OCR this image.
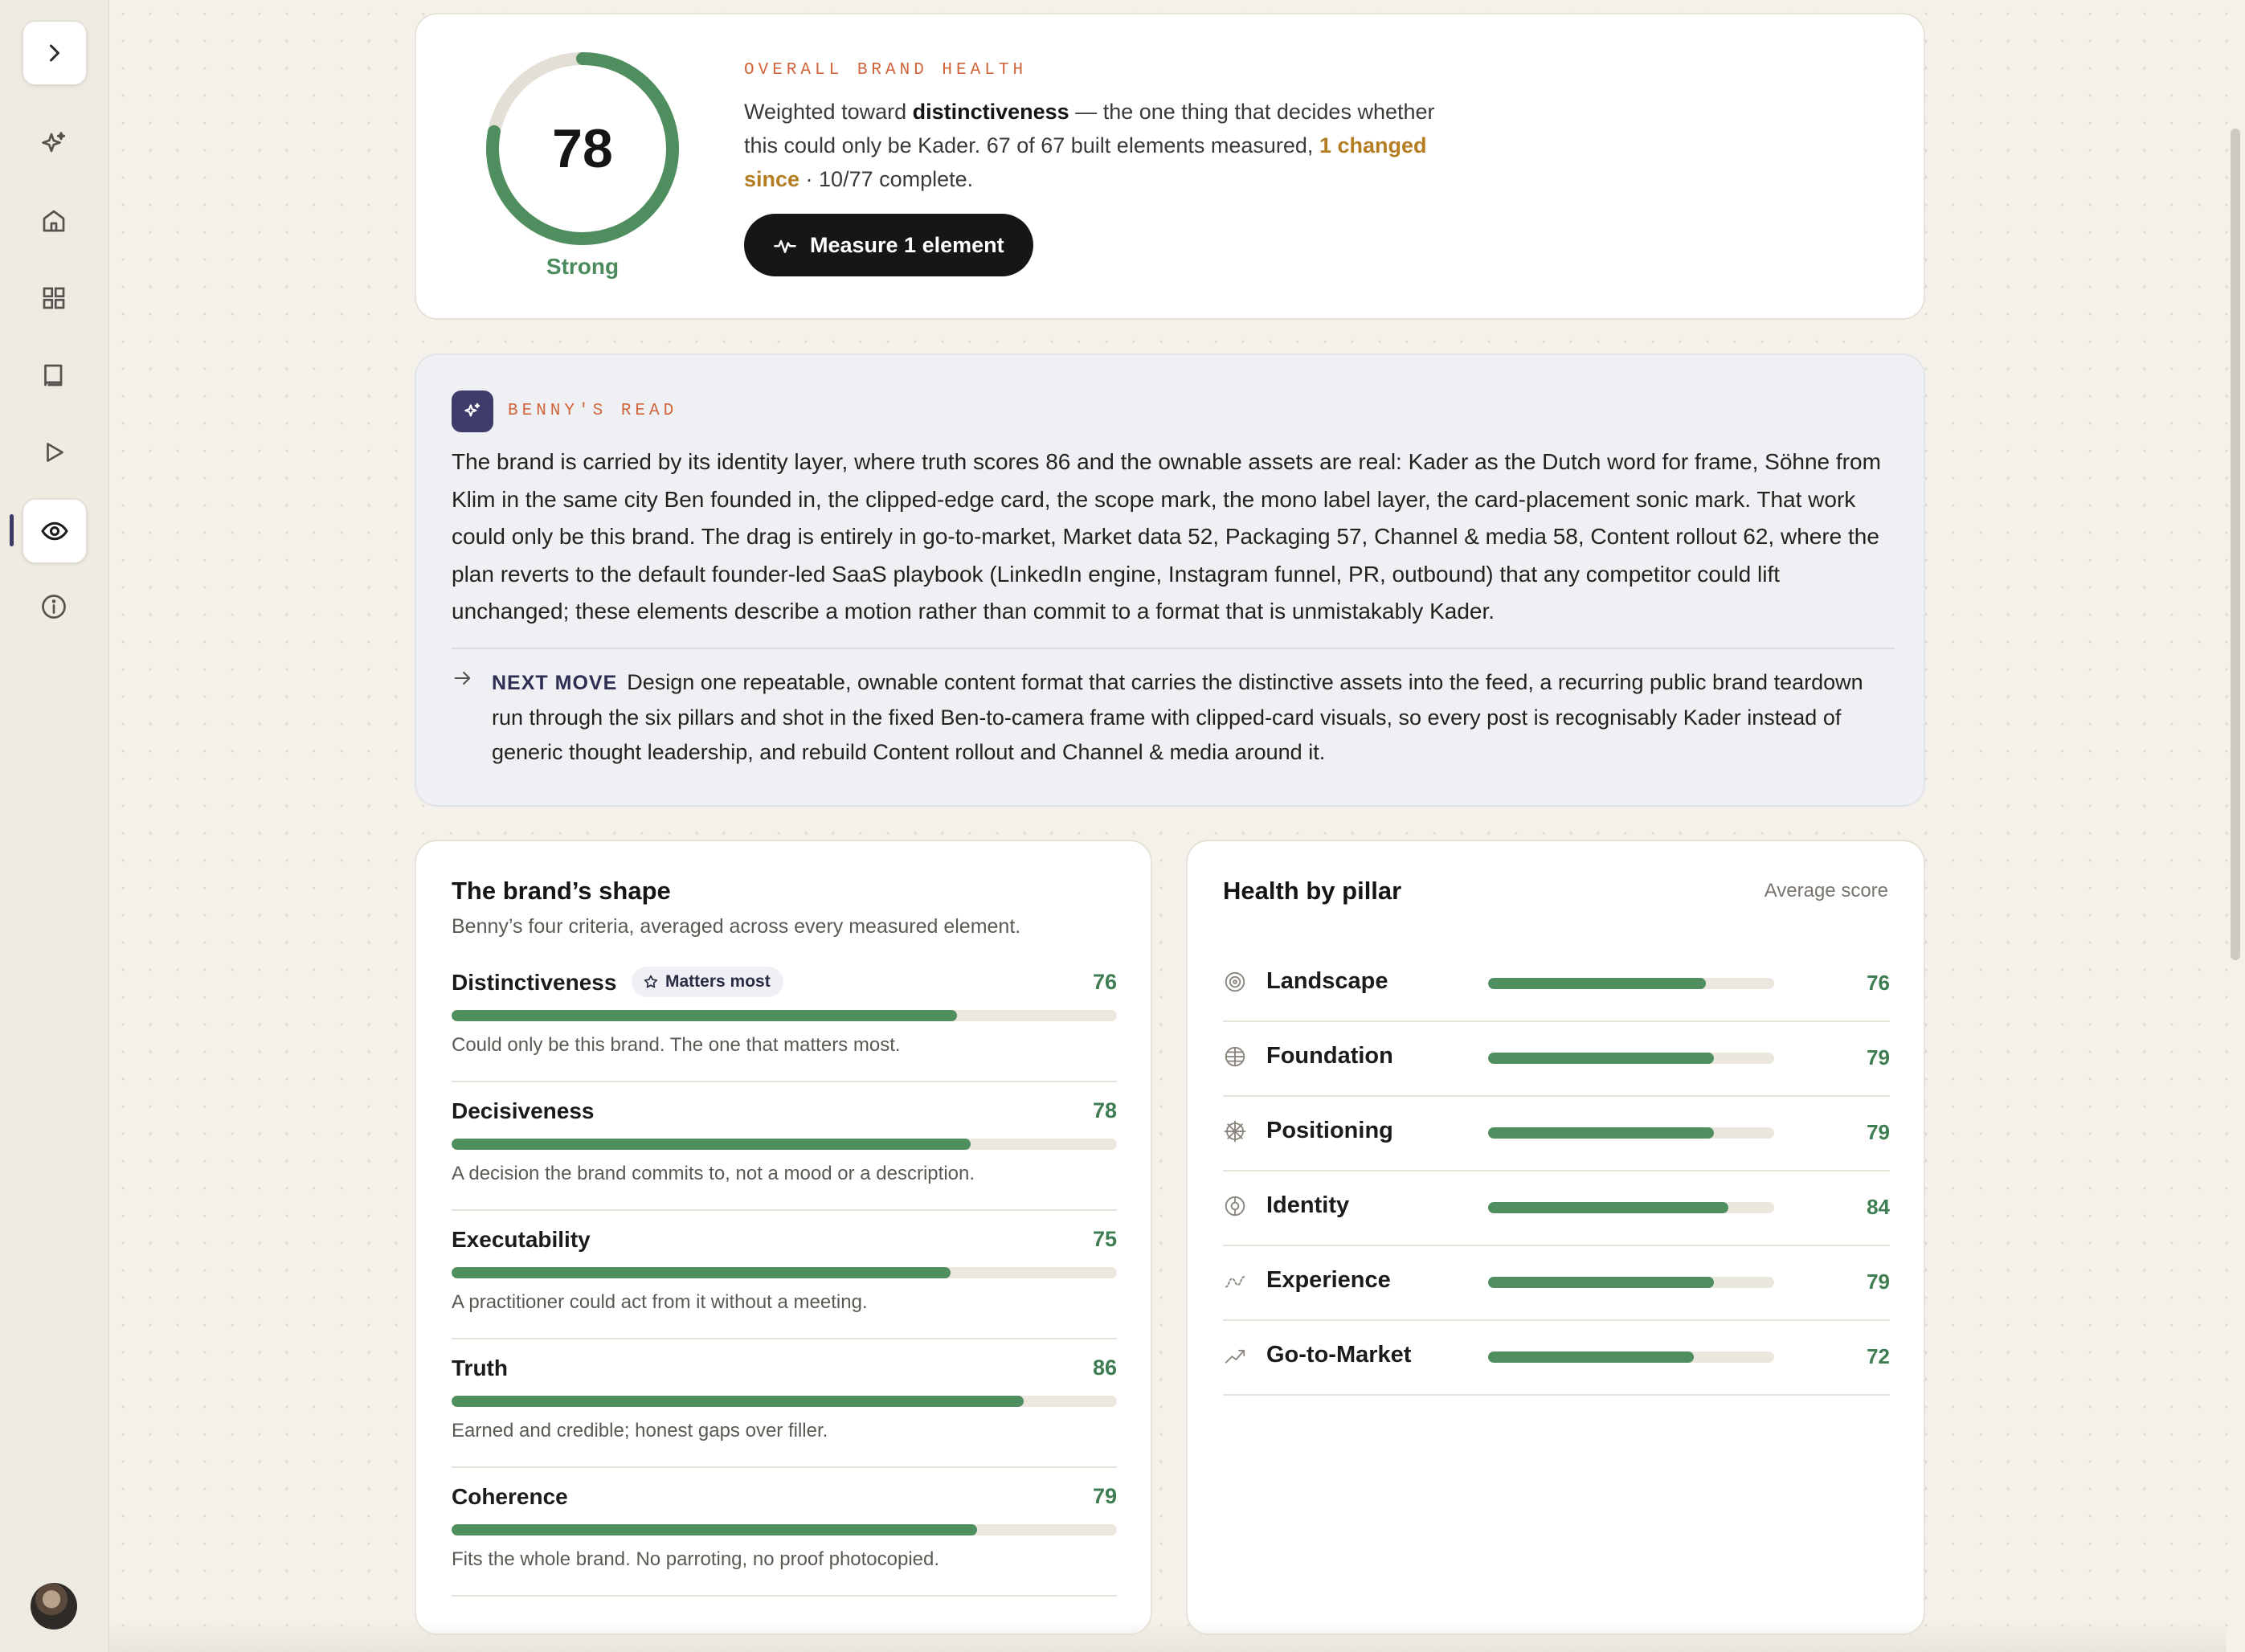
78
Strong
OVERALL BRAND HEALTH
Weighted toward distinctiveness — the one thing that decides whether this could only be Kader. 67 of 67 built elements measured, 1 changed since · 10/77 complete.
Measure 1 element
BENNY'S READ
The brand is carried by its identity layer, where truth scores 86 and the ownable assets are real: Kader as the Dutch word for frame, Söhne from Klim in the same city Ben founded in, the clipped-edge card, the scope mark, the mono label layer, the card-placement sonic mark. That work could only be this brand. The drag is entirely in go-to-market, Market data 52, Packaging 57, Channel & media 58, Content rollout 62, where the plan reverts to the default founder-led SaaS playbook (LinkedIn engine, Instagram funnel, PR, outbound) that any competitor could lift unchanged; these elements describe a motion rather than commit to a format that is unmistakably Kader.
NEXT MOVE Design one repeatable, ownable content format that carries the distinctive assets into the feed, a recurring public brand teardown run through the six pillars and shot in the fixed Ben-to-camera frame with clipped-card visuals, so every post is recognisably Kader instead of generic thought leadership, and rebuild Content rollout and Channel & media around it.
The brand’s shape
Benny’s four criteria, averaged across every measured element.
Distinctiveness	Matters most	76
Could only be this brand. The one that matters most.
Decisiveness	78
A decision the brand commits to, not a mood or a description.
Executability	75
A practitioner could act from it without a meeting.
Truth	86
Earned and credible; honest gaps over filler.
Coherence	79
Fits the whole brand. No parroting, no proof photocopied.
Health by pillar	Average score
Landscape	76
Foundation	79
Positioning	79
Identity	84
Experience	79
Go-to-Market	72
